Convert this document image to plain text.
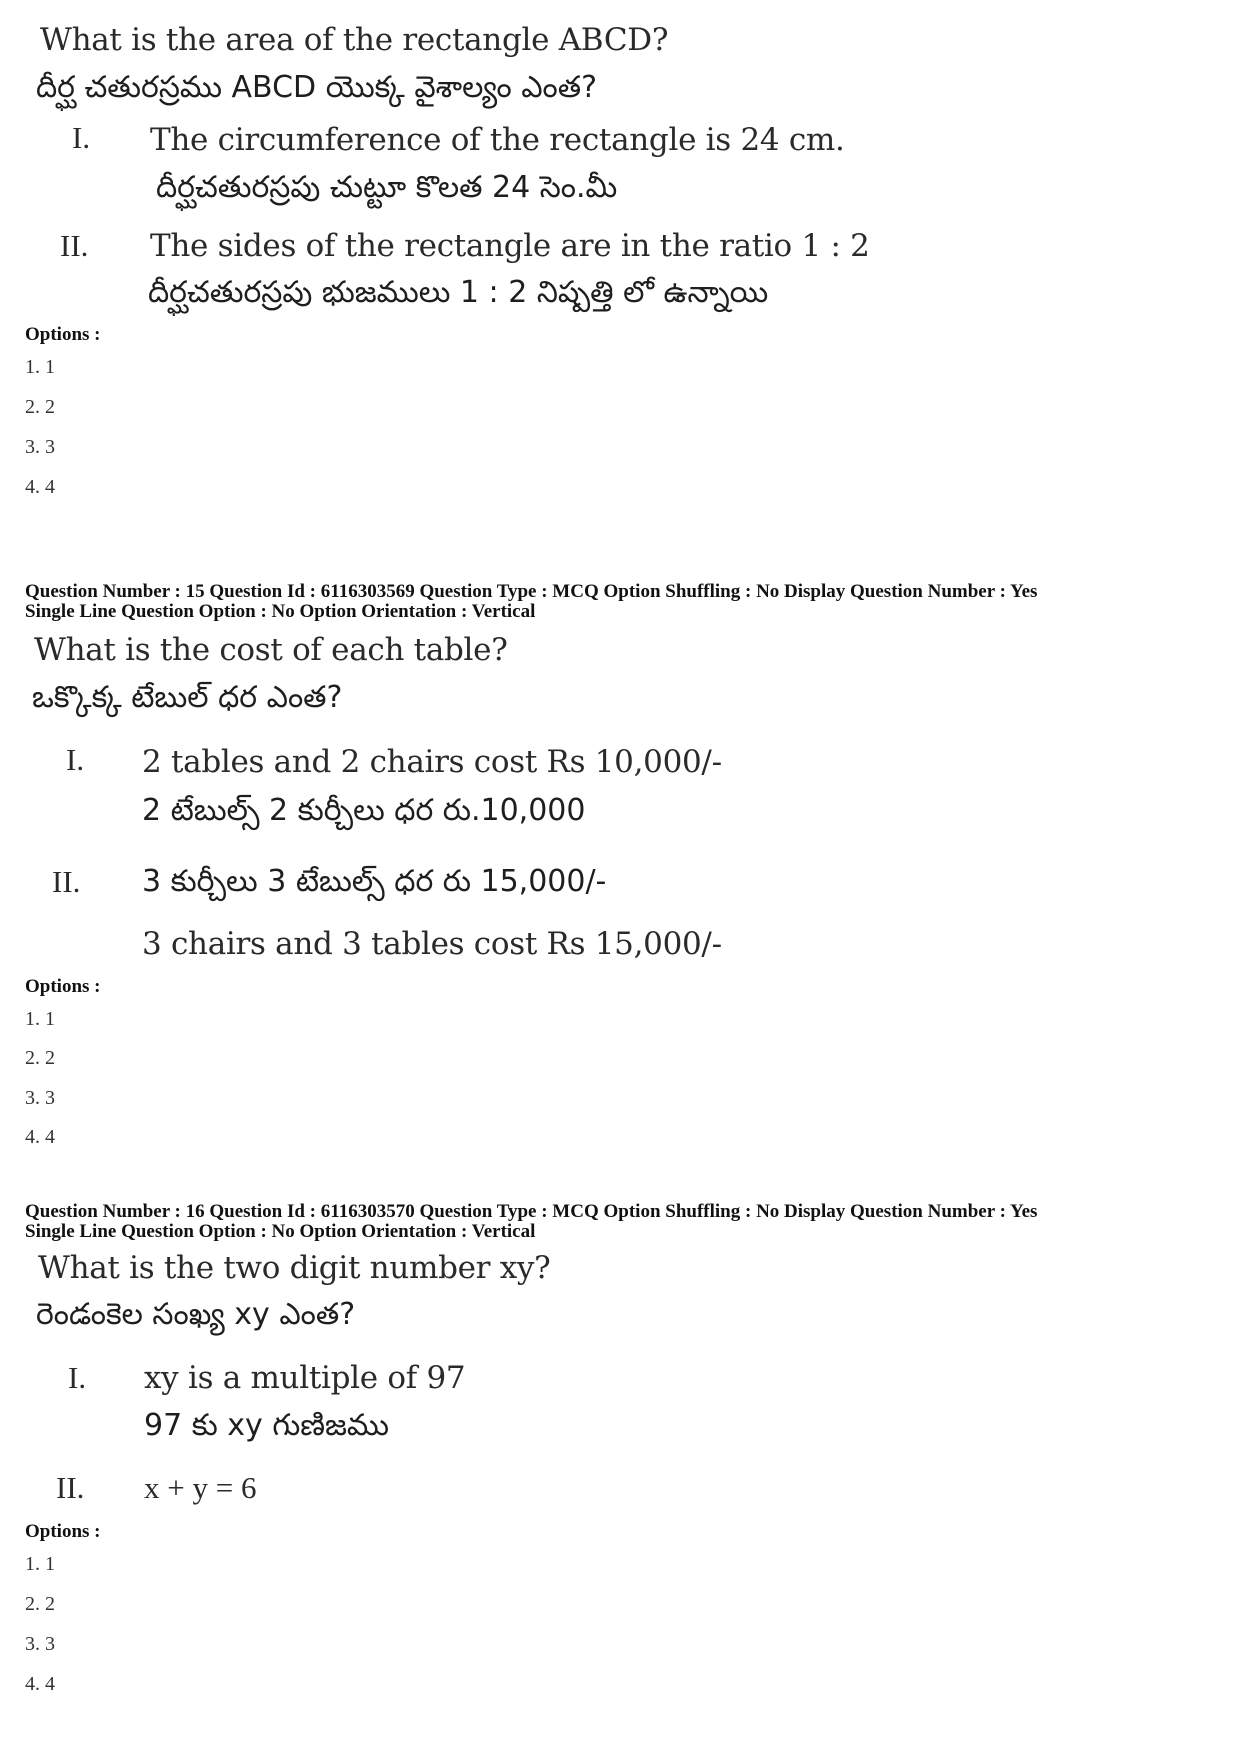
What is the area of the rectangle ABCD?
దీర్ఘ చతురస్రము ABCD యొక్క వైశాల్యం ఎంత?
I. The circumference of the rectangle is 24 cm.
దీర్ఘచతురస్రపు చుట్టూ కొలత 24 సెం.మీ
II. The sides of the rectangle are in the ratio 1 : 2
దీర్ఘచతురస్రపు భుజములు 1 : 2 నిష్పత్తి లో ఉన్నాయి
Options :
1. 1
2. 2
3. 3
4. 4
Question Number : 15 Question Id : 6116303569 Question Type : MCQ Option Shuffling : No Display Question Number : Yes
Single Line Question Option : No Option Orientation : Vertical
What is the cost of each table?
ఒక్కొక్క టేబుల్ ధర ఎంత?
I. 2 tables and 2 chairs cost Rs 10,000/-
2 టేబుల్స్ 2 కుర్చీలు ధర రు.10,000
II. 3 కుర్చీలు 3 టేబుల్స్ ధర రు 15,000/-
3 chairs and 3 tables cost Rs 15,000/-
Options :
1. 1
2. 2
3. 3
4. 4
Question Number : 16 Question Id : 6116303570 Question Type : MCQ Option Shuffling : No Display Question Number : Yes
Single Line Question Option : No Option Orientation : Vertical
What is the two digit number xy?
రెండంకెల సంఖ్య xy ఎంత?
I. xy is a multiple of 97
97 కు xy గుణిజము
II. x + y = 6
Options :
1. 1
2. 2
3. 3
4. 4
